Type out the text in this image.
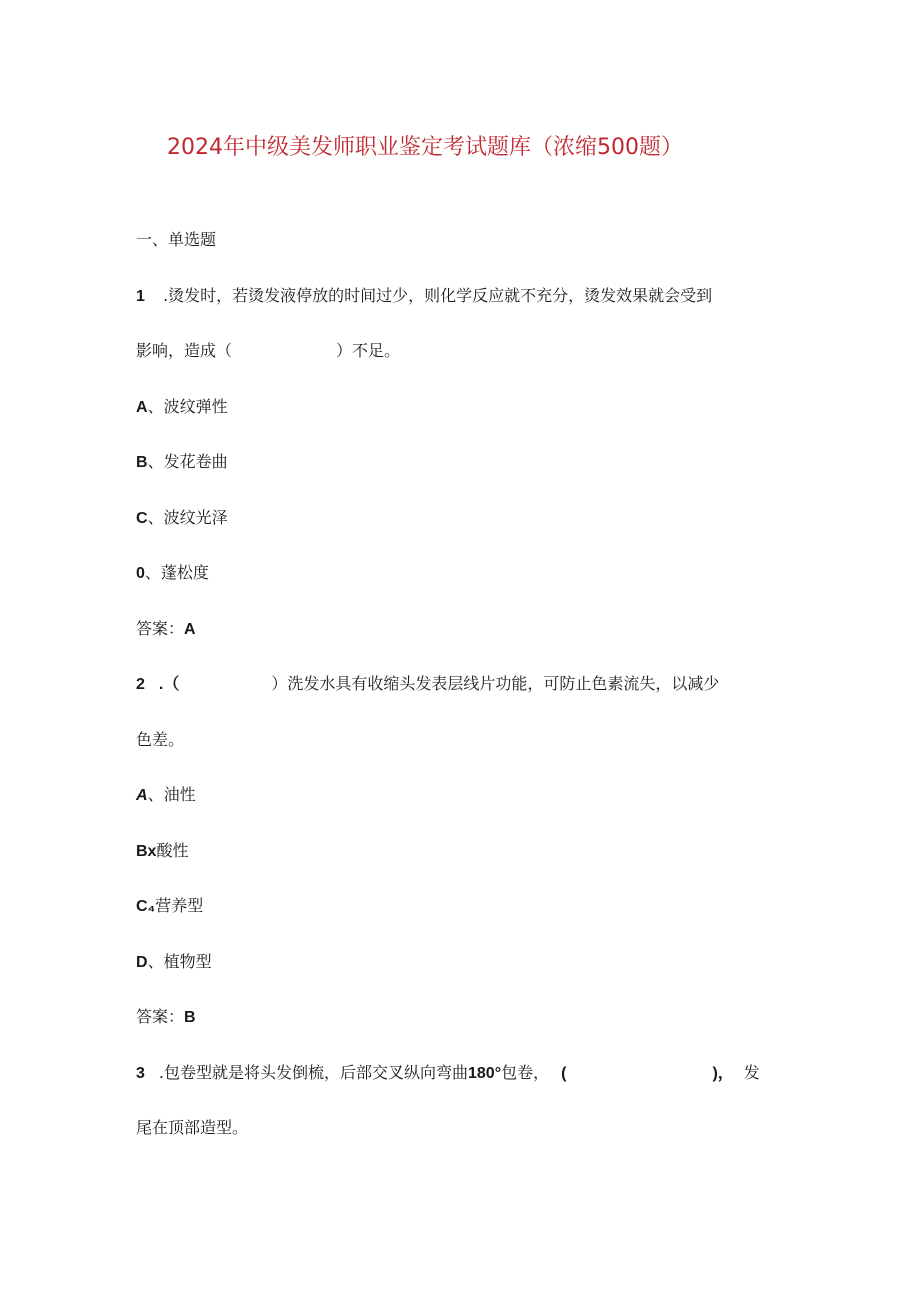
2024年中级美发师职业鉴定考试题库（浓缩500题）
一、单选题
1 .烫发时，若烫发液停放的时间过少，则化学反应就不充分，烫发效果就会受到
影响，造成（	）不足。
A、波纹弹性
B、发花卷曲
C、波纹光泽
0、蓬松度
答案：A
2 .（	）洗发水具有收缩头发表层线片功能，可防止色素流失，以减少
色差。
A、油性
Bx酸性
C₄营养型
D、植物型
答案：B
3 .包卷型就是将头发倒梳，后部交叉纵向弯曲180°包卷， (	)， 发
尾在顶部造型。
